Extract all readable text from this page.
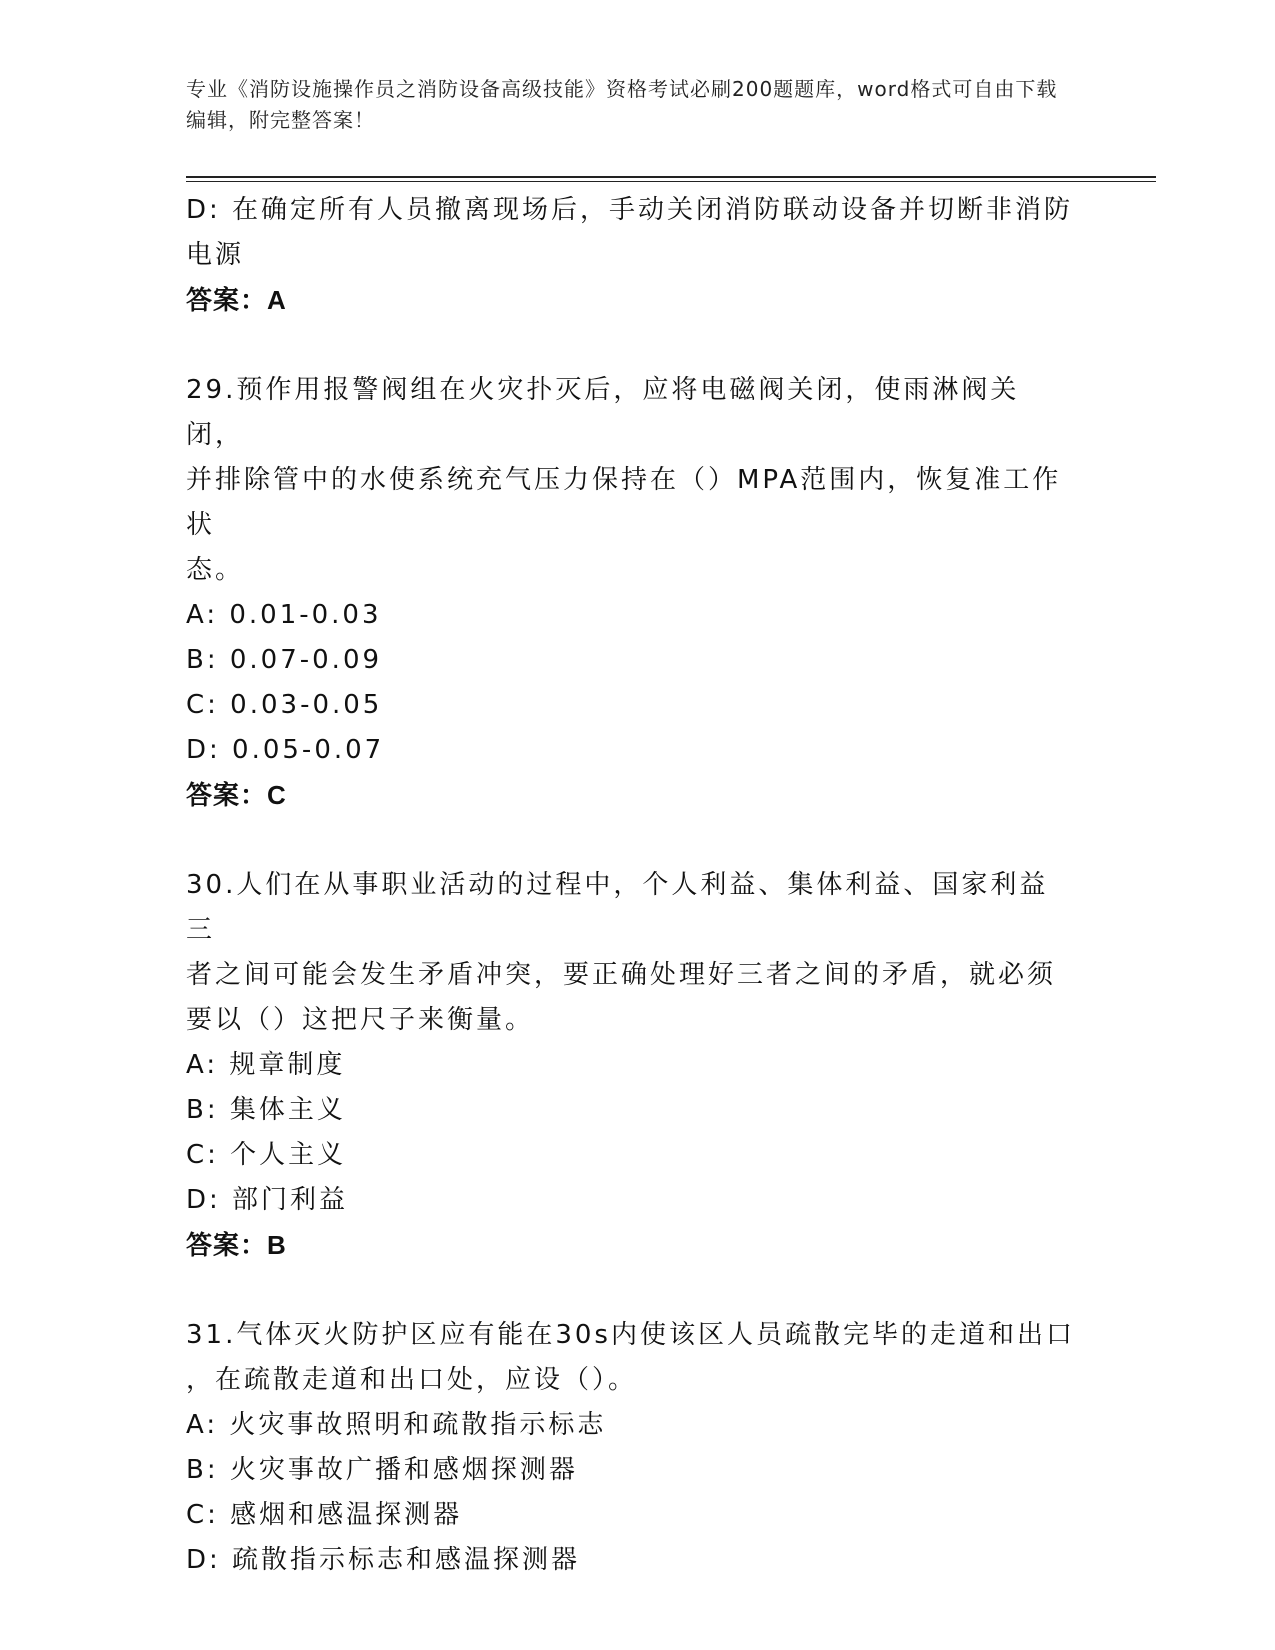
专业《消防设施操作员之消防设备高级技能》资格考试必刷200题题库，word格式可自由下载编辑，附完整答案！

D: 在确定所有人员撤离现场后，手动关闭消防联动设备并切断非消防

电源

答案：A

29.预作用报警阀组在火灾扑灭后，应将电磁阀关闭，使雨淋阀关闭，

并排除管中的水使系统充气压力保持在（）MPA范围内，恢复准工作状

态。

A: 0.01-0.03
B: 0.07-0.09
C: 0.03-0.05
D: 0.05-0.07

答案：C

30.人们在从事职业活动的过程中，个人利益、集体利益、国家利益三

者之间可能会发生矛盾冲突，要正确处理好三者之间的矛盾，就必须

要以（）这把尺子来衡量。

A: 规章制度
B: 集体主义
C: 个人主义
D: 部门利益

答案：B

31.气体灭火防护区应有能在30s内使该区人员疏散完毕的走道和出口

，在疏散走道和出口处，应设（）。

A: 火灾事故照明和疏散指示标志
B: 火灾事故广播和感烟探测器
C: 感烟和感温探测器
D: 疏散指示标志和感温探测器
